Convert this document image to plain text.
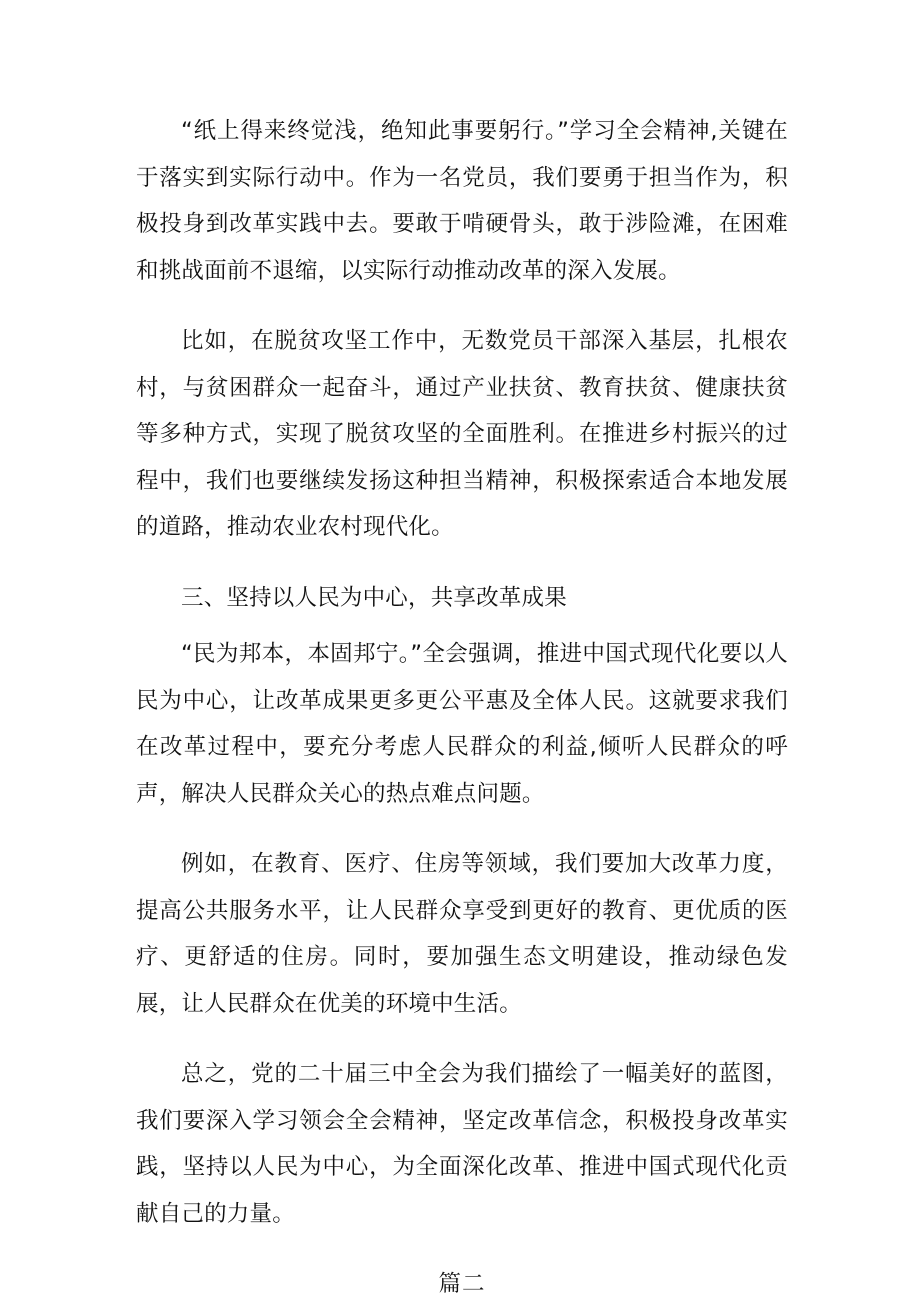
“纸上得来终觉浅，绝知此事要躬行。”学习全会精神,关键在于落实到实际行动中。作为一名党员，我们要勇于担当作为，积极投身到改革实践中去。要敢于啃硬骨头，敢于涉险滩，在困难和挑战面前不退缩，以实际行动推动改革的深入发展。

比如，在脱贫攻坚工作中，无数党员干部深入基层，扎根农村，与贫困群众一起奋斗，通过产业扶贫、教育扶贫、健康扶贫等多种方式，实现了脱贫攻坚的全面胜利。在推进乡村振兴的过程中，我们也要继续发扬这种担当精神，积极探索适合本地发展的道路，推动农业农村现代化。

三、坚持以人民为中心，共享改革成果

“民为邦本，本固邦宁。”全会强调，推进中国式现代化要以人民为中心，让改革成果更多更公平惠及全体人民。这就要求我们在改革过程中，要充分考虑人民群众的利益,倾听人民群众的呼声，解决人民群众关心的热点难点问题。

例如，在教育、医疗、住房等领域，我们要加大改革力度，提高公共服务水平，让人民群众享受到更好的教育、更优质的医疗、更舒适的住房。同时，要加强生态文明建设，推动绿色发展，让人民群众在优美的环境中生活。

总之，党的二十届三中全会为我们描绘了一幅美好的蓝图，我们要深入学习领会全会精神，坚定改革信念，积极投身改革实践，坚持以人民为中心，为全面深化改革、推进中国式现代化贡献自己的力量。

篇二
